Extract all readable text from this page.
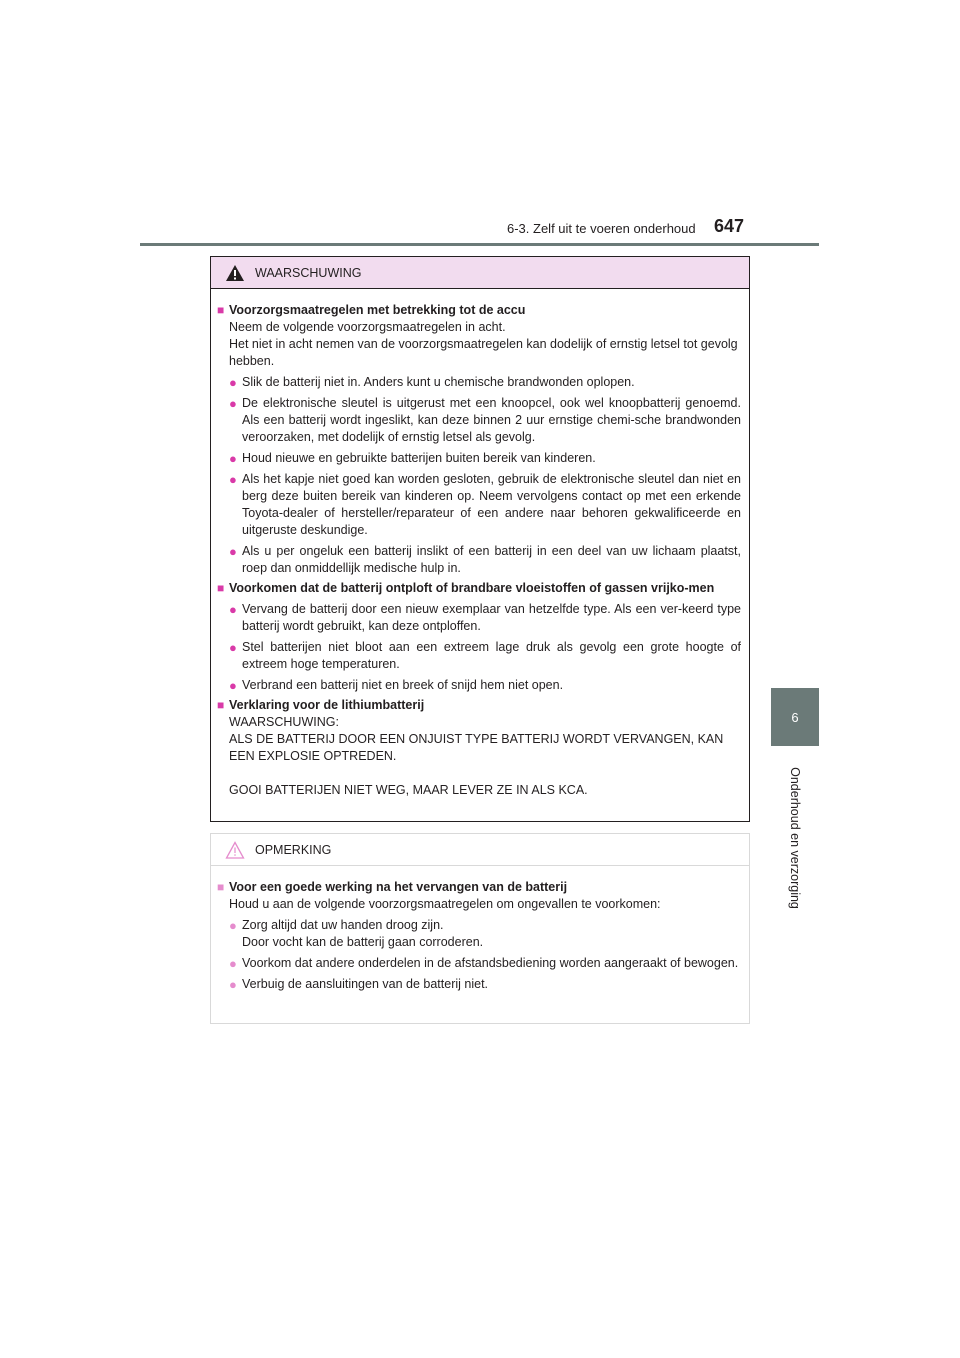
6-3. Zelf uit te voeren onderhoud 647
6
Onderhoud en verzorging
WAARSCHUWING
■ Voorzorgsmaatregelen met betrekking tot de accu
Neem de volgende voorzorgsmaatregelen in acht.
Het niet in acht nemen van de voorzorgsmaatregelen kan dodelijk of ernstig letsel tot gevolg hebben.
● Slik de batterij niet in. Anders kunt u chemische brandwonden oplopen.
● De elektronische sleutel is uitgerust met een knoopcel, ook wel knoopbatterij genoemd. Als een batterij wordt ingeslikt, kan deze binnen 2 uur ernstige chemi-sche brandwonden veroorzaken, met dodelijk of ernstig letsel als gevolg.
● Houd nieuwe en gebruikte batterijen buiten bereik van kinderen.
● Als het kapje niet goed kan worden gesloten, gebruik de elektronische sleutel dan niet en berg deze buiten bereik van kinderen op. Neem vervolgens contact op met een erkende Toyota-dealer of hersteller/reparateur of een andere naar behoren gekwalificeerde en uitgeruste deskundige.
● Als u per ongeluk een batterij inslikt of een batterij in een deel van uw lichaam plaatst, roep dan onmiddellijk medische hulp in.
■ Voorkomen dat de batterij ontploft of brandbare vloeistoffen of gassen vrijko-men
● Vervang de batterij door een nieuw exemplaar van hetzelfde type. Als een ver-keerd type batterij wordt gebruikt, kan deze ontploffen.
● Stel batterijen niet bloot aan een extreem lage druk als gevolg een grote hoogte of extreem hoge temperaturen.
● Verbrand een batterij niet en breek of snijd hem niet open.
■ Verklaring voor de lithiumbatterij
WAARSCHUWING:
ALS DE BATTERIJ DOOR EEN ONJUIST TYPE BATTERIJ WORDT VERVANGEN, KAN EEN EXPLOSIE OPTREDEN.
GOOI BATTERIJEN NIET WEG, MAAR LEVER ZE IN ALS KCA.
OPMERKING
■ Voor een goede werking na het vervangen van de batterij
Houd u aan de volgende voorzorgsmaatregelen om ongevallen te voorkomen:
● Zorg altijd dat uw handen droog zijn.
Door vocht kan de batterij gaan corroderen.
● Voorkom dat andere onderdelen in de afstandsbediening worden aangeraakt of bewogen.
● Verbuig de aansluitingen van de batterij niet.
